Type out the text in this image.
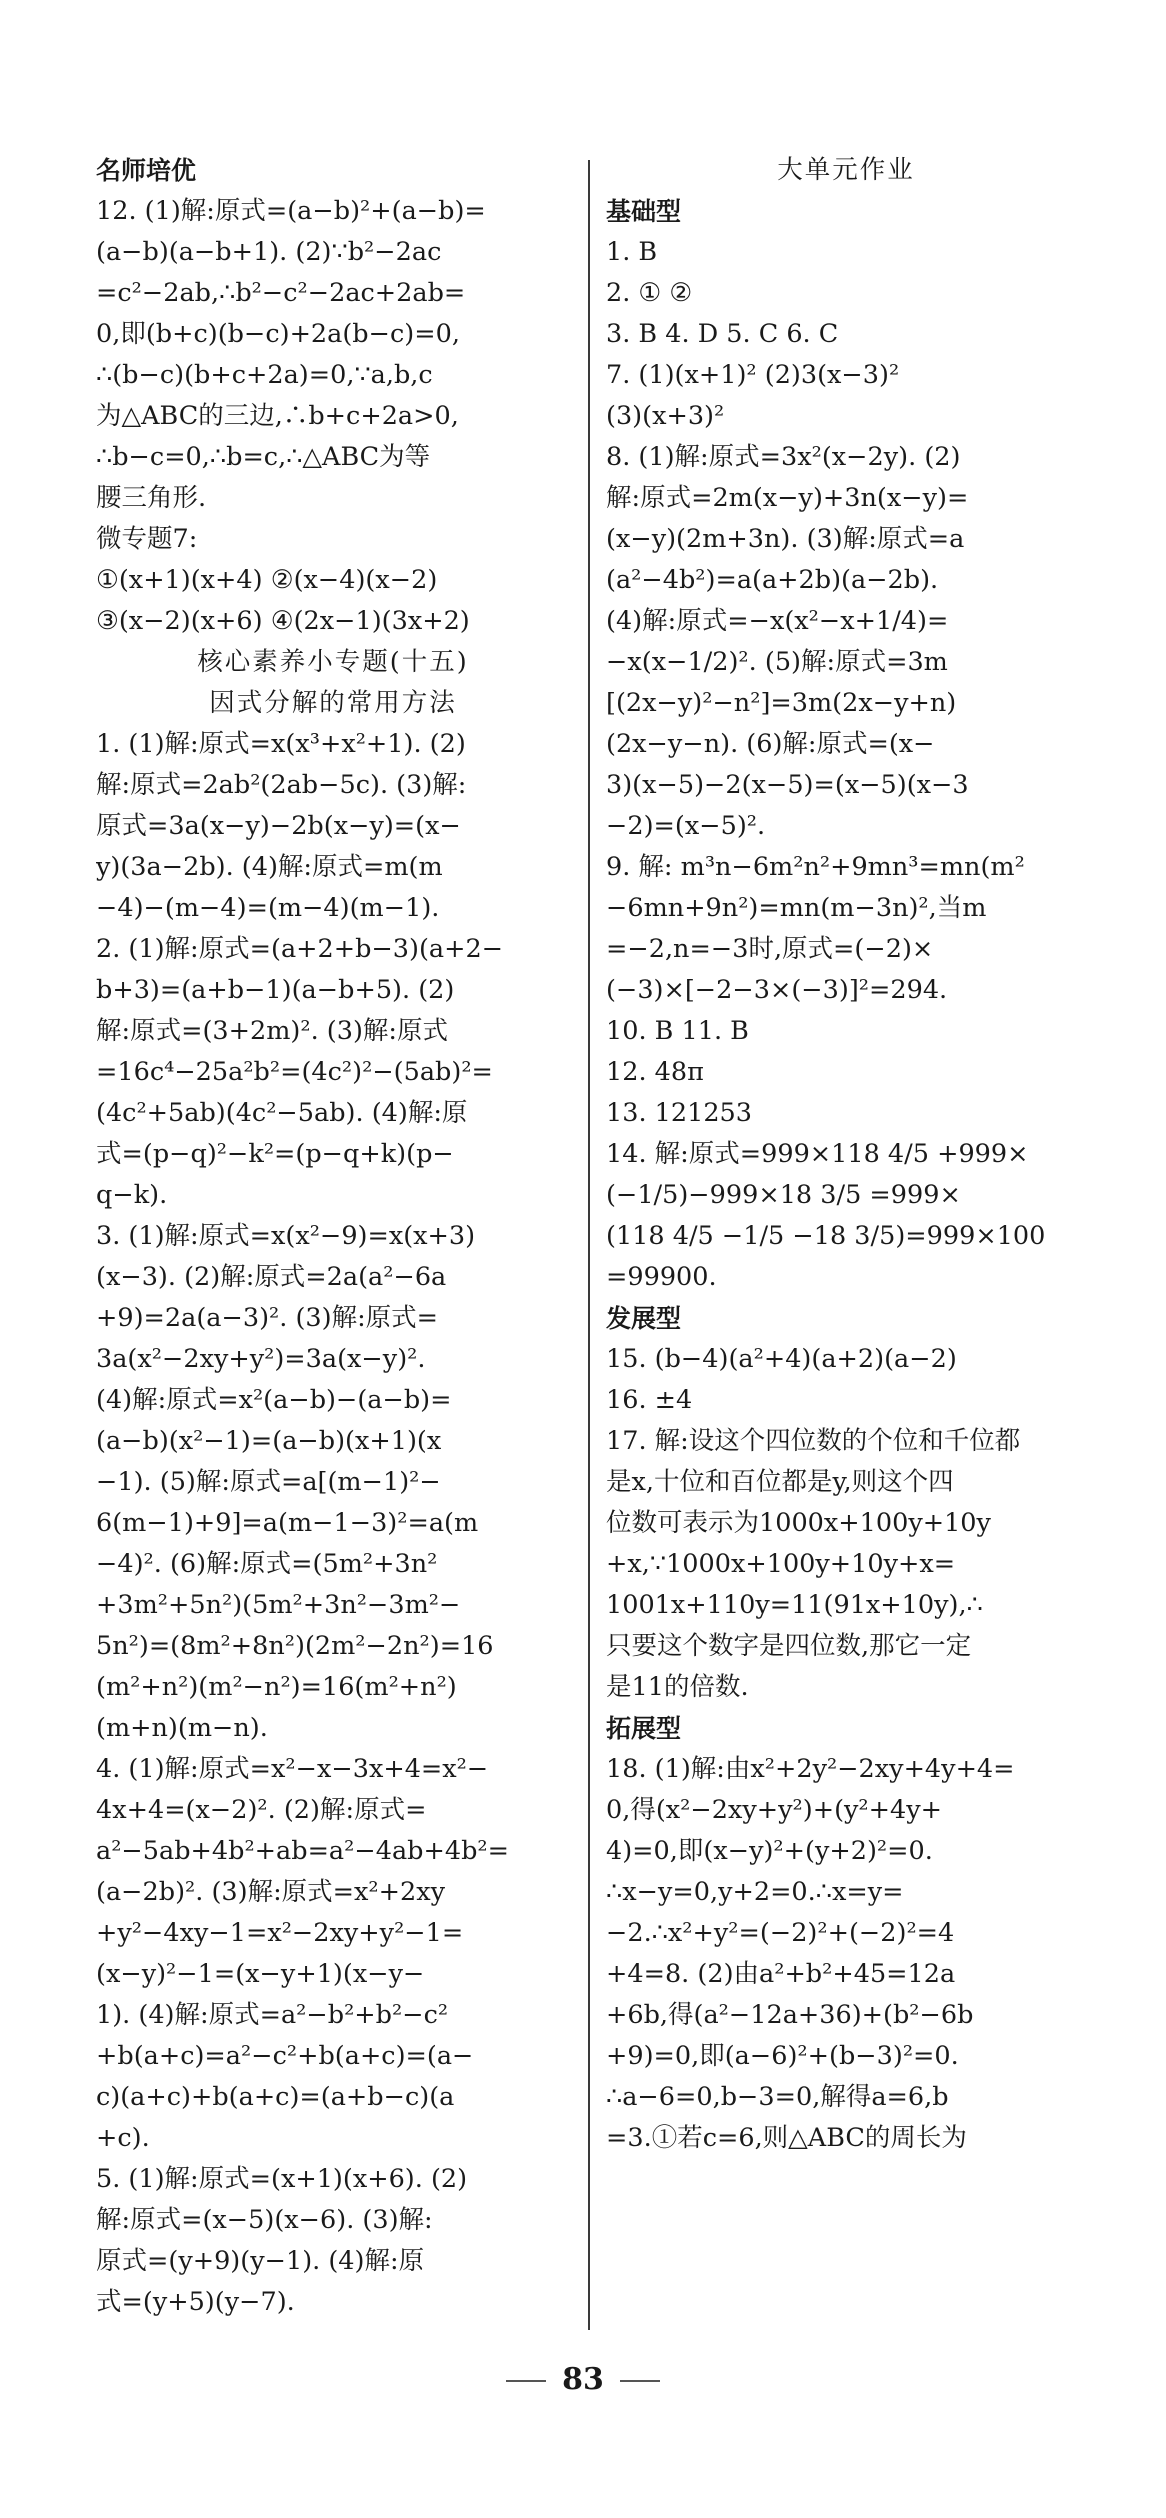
名师培优
12. (1)解:原式=(a−b)²+(a−b)=
(a−b)(a−b+1). (2)∵b²−2ac
=c²−2ab,∴b²−c²−2ac+2ab=
0,即(b+c)(b−c)+2a(b−c)=0,
∴(b−c)(b+c+2a)=0,∵a,b,c
为△ABC的三边,∴b+c+2a>0,
∴b−c=0,∴b=c,∴△ABC为等
腰三角形.
微专题7:
①(x+1)(x+4) ②(x−4)(x−2)
③(x−2)(x+6) ④(2x−1)(3x+2)
核心素养小专题(十五)
因式分解的常用方法
1. (1)解:原式=x(x³+x²+1). (2)
解:原式=2ab²(2ab−5c). (3)解:
原式=3a(x−y)−2b(x−y)=(x−
y)(3a−2b). (4)解:原式=m(m
−4)−(m−4)=(m−4)(m−1).
2. (1)解:原式=(a+2+b−3)(a+2−
b+3)=(a+b−1)(a−b+5). (2)
解:原式=(3+2m)². (3)解:原式
=16c⁴−25a²b²=(4c²)²−(5ab)²=
(4c²+5ab)(4c²−5ab). (4)解:原
式=(p−q)²−k²=(p−q+k)(p−
q−k).
3. (1)解:原式=x(x²−9)=x(x+3)
(x−3). (2)解:原式=2a(a²−6a
+9)=2a(a−3)². (3)解:原式=
3a(x²−2xy+y²)=3a(x−y)².
(4)解:原式=x²(a−b)−(a−b)=
(a−b)(x²−1)=(a−b)(x+1)(x
−1). (5)解:原式=a[(m−1)²−
6(m−1)+9]=a(m−1−3)²=a(m
−4)². (6)解:原式=(5m²+3n²
+3m²+5n²)(5m²+3n²−3m²−
5n²)=(8m²+8n²)(2m²−2n²)=16
(m²+n²)(m²−n²)=16(m²+n²)
(m+n)(m−n).
4. (1)解:原式=x²−x−3x+4=x²−
4x+4=(x−2)². (2)解:原式=
a²−5ab+4b²+ab=a²−4ab+4b²=
(a−2b)². (3)解:原式=x²+2xy
+y²−4xy−1=x²−2xy+y²−1=
(x−y)²−1=(x−y+1)(x−y−
1). (4)解:原式=a²−b²+b²−c²
+b(a+c)=a²−c²+b(a+c)=(a−
c)(a+c)+b(a+c)=(a+b−c)(a
+c).
5. (1)解:原式=(x+1)(x+6). (2)
解:原式=(x−5)(x−6). (3)解:
原式=(y+9)(y−1). (4)解:原
式=(y+5)(y−7).
大单元作业
基础型
1. B
2. ① ②
3. B 4. D 5. C 6. C
7. (1)(x+1)² (2)3(x−3)²
(3)(x+3)²
8. (1)解:原式=3x²(x−2y). (2)
解:原式=2m(x−y)+3n(x−y)=
(x−y)(2m+3n). (3)解:原式=a
(a²−4b²)=a(a+2b)(a−2b).
(4)解:原式=−x(x²−x+1/4)=
−x(x−1/2)². (5)解:原式=3m
[(2x−y)²−n²]=3m(2x−y+n)
(2x−y−n). (6)解:原式=(x−
3)(x−5)−2(x−5)=(x−5)(x−3
−2)=(x−5)².
9. 解: m³n−6m²n²+9mn³=mn(m²
−6mn+9n²)=mn(m−3n)²,当m
=−2,n=−3时,原式=(−2)×
(−3)×[−2−3×(−3)]²=294.
10. B 11. B
12. 48π
13. 121253
14. 解:原式=999×118 4/5 +999×
(−1/5)−999×18 3/5 =999×
(118 4/5 −1/5 −18 3/5)=999×100
=99900.
发展型
15. (b−4)(a²+4)(a+2)(a−2)
16. ±4
17. 解:设这个四位数的个位和千位都
是x,十位和百位都是y,则这个四
位数可表示为1000x+100y+10y
+x,∵1000x+100y+10y+x=
1001x+110y=11(91x+10y),∴
只要这个数字是四位数,那它一定
是11的倍数.
拓展型
18. (1)解:由x²+2y²−2xy+4y+4=
0,得(x²−2xy+y²)+(y²+4y+
4)=0,即(x−y)²+(y+2)²=0.
∴x−y=0,y+2=0.∴x=y=
−2.∴x²+y²=(−2)²+(−2)²=4
+4=8. (2)由a²+b²+45=12a
+6b,得(a²−12a+36)+(b²−6b
+9)=0,即(a−6)²+(b−3)²=0.
∴a−6=0,b−3=0,解得a=6,b
=3.①若c=6,则△ABC的周长为
83
